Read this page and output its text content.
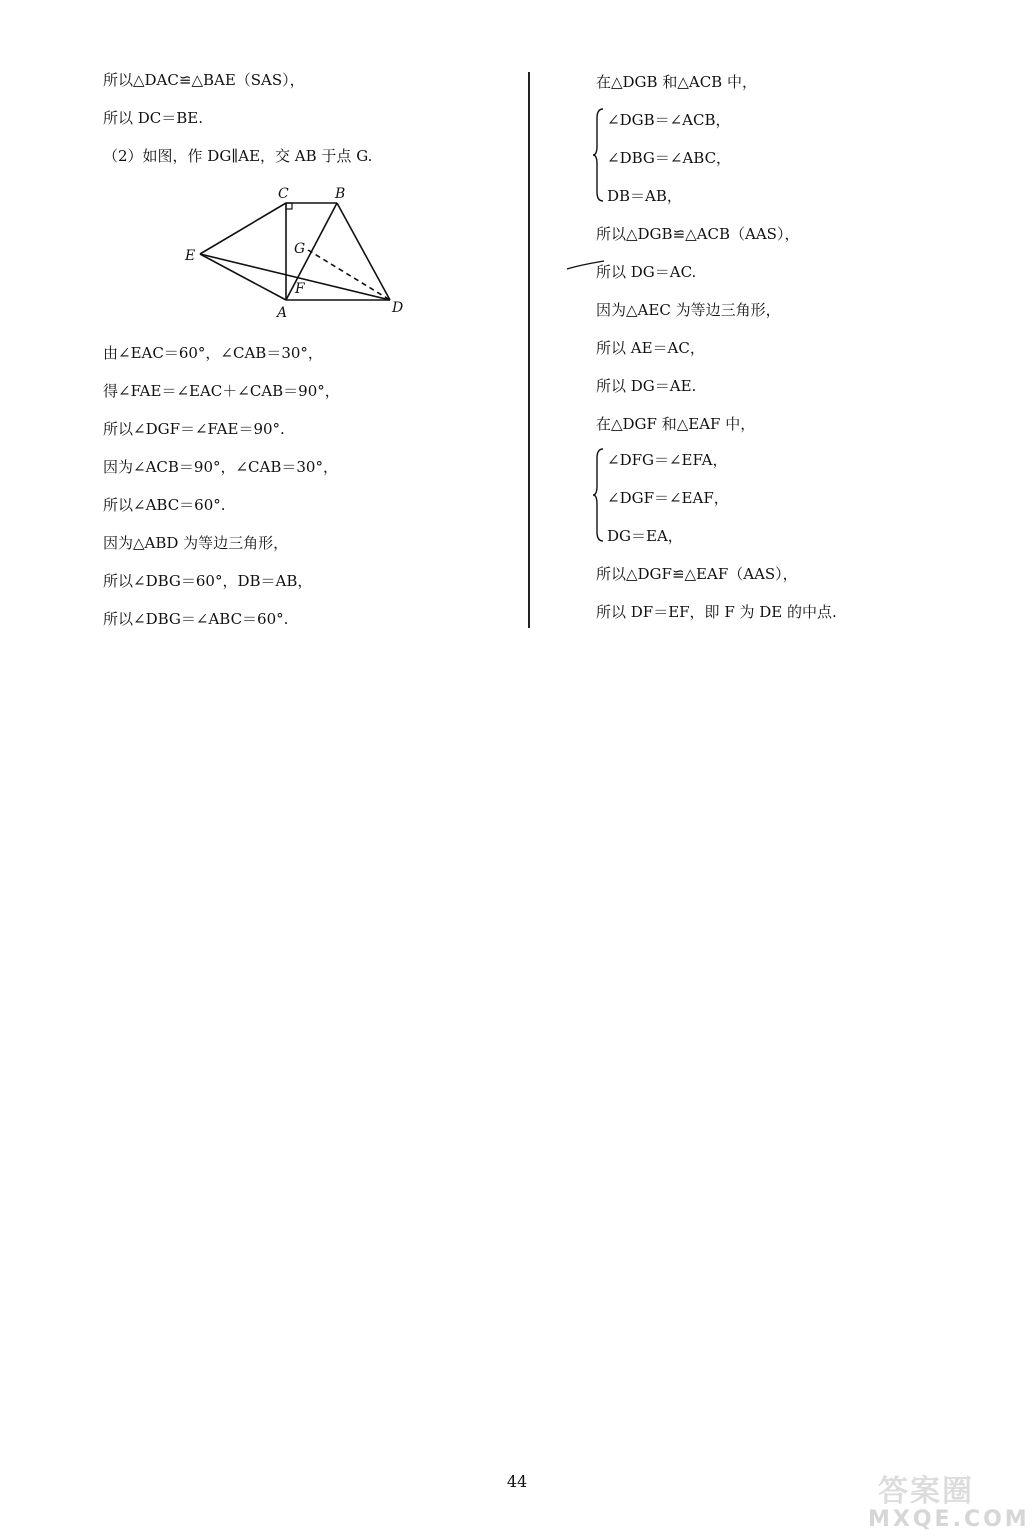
所以△DAC≌△BAE（SAS），
所以 DC＝BE.
（2）如图，作 DG∥AE，交 AB 于点 G.
C	B
E	G
F
A	D
由∠EAC＝60°，∠CAB＝30°，
得∠FAE＝∠EAC＋∠CAB＝90°，
所以∠DGF＝∠FAE＝90°.
因为∠ACB＝90°，∠CAB＝30°，
所以∠ABC＝60°.
因为△ABD 为等边三角形，
所以∠DBG＝60°，DB＝AB，
所以∠DBG＝∠ABC＝60°.
在△DGB 和△ACB 中，
∠DGB＝∠ACB，
∠DBG＝∠ABC，
DB＝AB，
所以△DGB≌△ACB（AAS），
所以 DG＝AC.
因为△AEC 为等边三角形，
所以 AE＝AC，
所以 DG＝AE.
在△DGF 和△EAF 中，
∠DFG＝∠EFA，
∠DGF＝∠EAF，
DG＝EA，
所以△DGF≌△EAF（AAS），
所以 DF＝EF，即 F 为 DE 的中点.
44	答案圈
MXQE.COM
